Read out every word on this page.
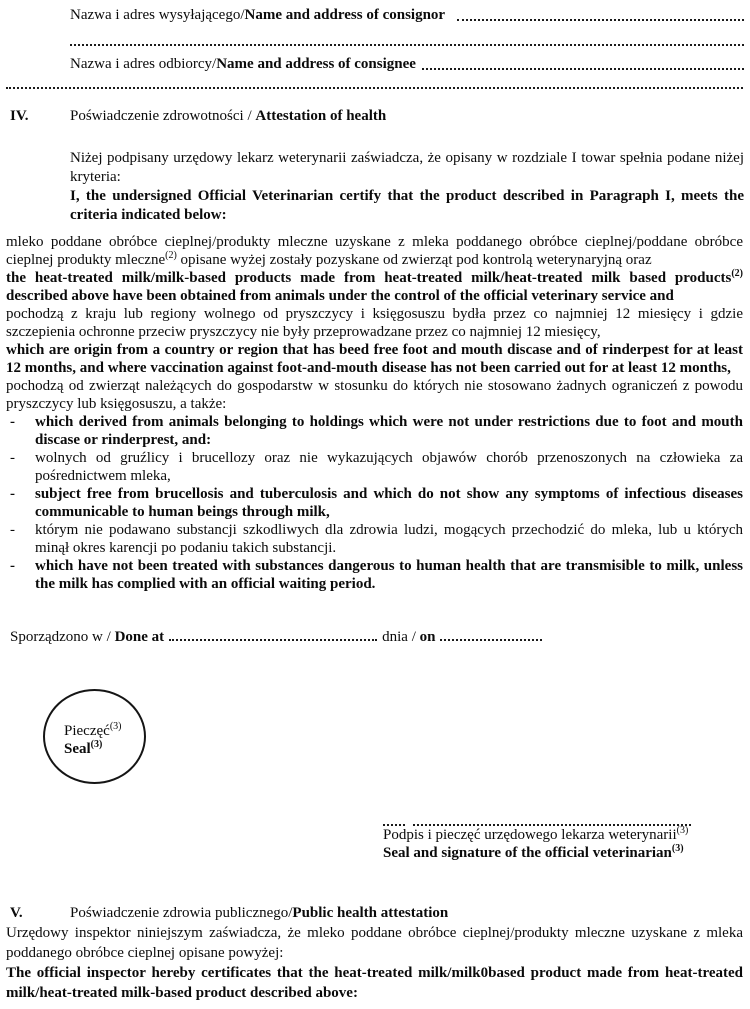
Nazwa i adres wysyłającego/ Name and address of consignor
Nazwa i adres odbiorcy/ Name and address of consignee
IV.	Poświadczenie zdrowotności / Attestation of health

Niżej podpisany urzędowy lekarz weterynarii zaświadcza, że opisany w rozdziale I towar spełnia podane niżej kryteria:

I, the undersigned Official Veterinarian certify that the product described in Paragraph I, meets the criteria indicated below:

mleko poddane obróbce cieplnej/produkty mleczne uzyskane z mleka poddanego obróbce cieplnej/poddane obróbce cieplnej produkty mleczne$^{(2)}$ opisane wyżej zostały pozyskane od zwierząt pod kontrolą weterynaryjną oraz

the heat-treated milk/milk-based products made from heat-treated milk/heat-treated milk based products$^{(2)}$ described above have been obtained from animals under the control of the official veterinary service and

pochodzą z kraju lub regiony wolnego od pryszczycy i księgosuszu bydła przez co najmniej 12 miesięcy i gdzie szczepienia ochronne przeciw pryszczycy nie były przeprowadzane przez co najmniej 12 miesięcy,

which are origin from a country or region that has beed free foot and mouth discase and of rinderpest for at least 12 months, and where vaccination against foot-and-mouth disease has not been carried out for at least 12 months,

pochodzą od zwierząt należących do gospodarstw w stosunku do których nie stosowano żadnych ograniczeń z powodu pryszczycy lub księgosuszu, a także:

- which derived from animals belonging to holdings which were not under restrictions due to foot and mouth discase or rinderprest, and:
- wolnych od gruźlicy i brucellozy oraz nie wykazujących objawów chorób przenoszonych na człowieka za pośrednictwem mleka,
- subject free from brucellosis and tuberculosis and which do not show any symptoms of infectious diseases communicable to human beings through milk,
- którym nie podawano substancji szkodliwych dla zdrowia ludzi, mogących przechodzić do mleka, lub u których minął okres karencji po podaniu takich substancji.
- which have not been treated with substances dangerous to human health that are transmisible to milk, unless the milk has complied with an official waiting period.
Sporządzono w / Done at	dnia / on
Pieczęć$^{(3)}$
Seal$^{(3)}$
Podpis i pieczęć urzędowego lekarza weterynarii$^{(3)}$
Seal and signature of the official veterinarian$^{(3)}$
V.	Poświadczenie zdrowia publicznego/Public health attestation

Urzędowy inspektor niniejszym zaświadcza, że mleko poddane obróbce cieplnej/produkty mleczne uzyskane z mleka poddanego obróbce cieplnej opisane powyżej:

The official inspector hereby certificates that the heat-treated milk/milk0based product made from heat-treated milk/heat-treated milk-based product described above:
